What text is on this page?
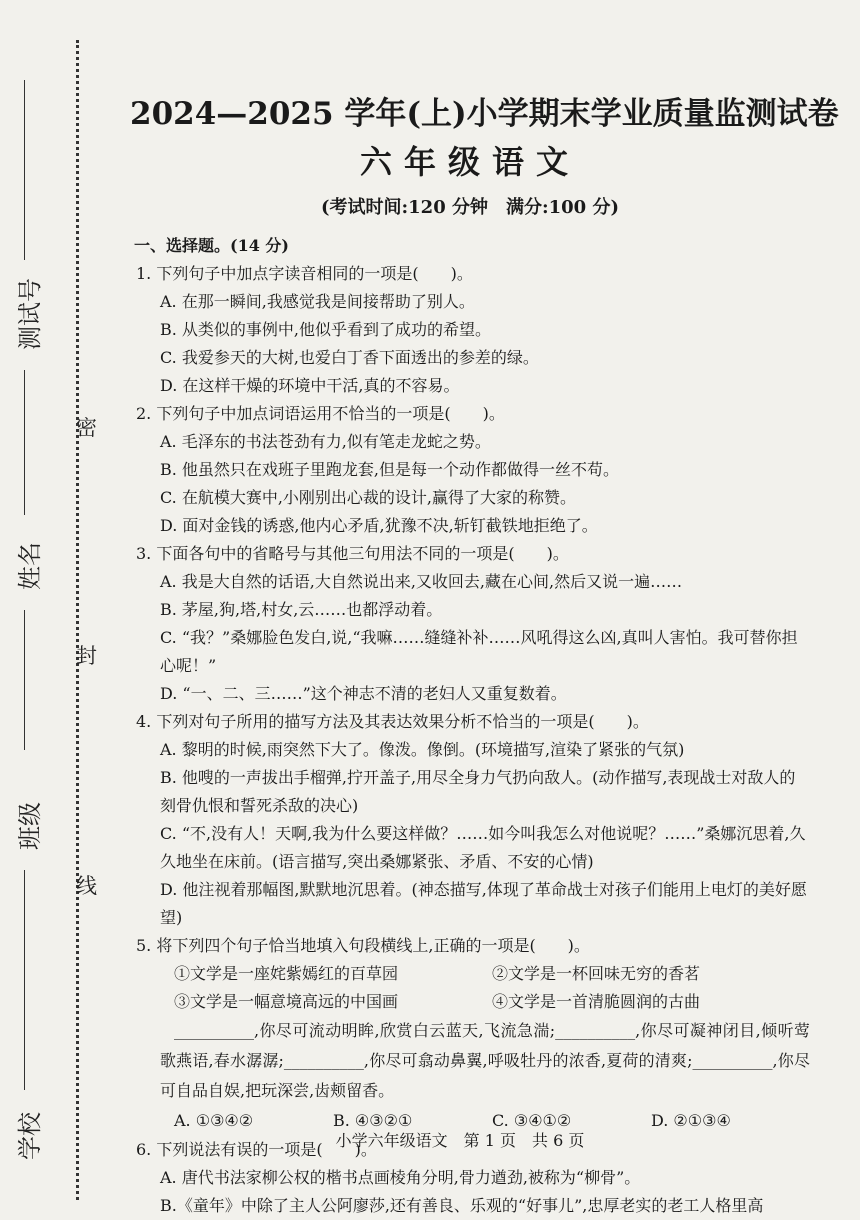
测试号
姓名
班级
学校
密
封
线
2024—2025 学年(上)小学期末学业质量监测试卷
六年级语文
(考试时间:120 分钟　满分:100 分)
一、选择题。(14 分)
1. 下列句子中加点字读音相同的一项是(　　)。
A. 在那一瞬间,我感觉我是间接帮助了别人。
B. 从类似的事例中,他似乎看到了成功的希望。
C. 我爱参天的大树,也爱白丁香下面透出的参差的绿。
D. 在这样干燥的环境中干活,真的不容易。
2. 下列句子中加点词语运用不恰当的一项是(　　)。
A. 毛泽东的书法苍劲有力,似有笔走龙蛇之势。
B. 他虽然只在戏班子里跑龙套,但是每一个动作都做得一丝不苟。
C. 在航模大赛中,小刚别出心裁的设计,赢得了大家的称赞。
D. 面对金钱的诱惑,他内心矛盾,犹豫不决,斩钉截铁地拒绝了。
3. 下面各句中的省略号与其他三句用法不同的一项是(　　)。
A. 我是大自然的话语,大自然说出来,又收回去,藏在心间,然后又说一遍……
B. 茅屋,狗,塔,村女,云……也都浮动着。
C. “我？”桑娜脸色发白,说,“我嘛……缝缝补补……风吼得这么凶,真叫人害怕。我可替你担心呢！”
D. “一、二、三……”这个神志不清的老妇人又重复数着。
4. 下列对句子所用的描写方法及其表达效果分析不恰当的一项是(　　)。
A. 黎明的时候,雨突然下大了。像泼。像倒。(环境描写,渲染了紧张的气氛)
B. 他嗖的一声拔出手榴弹,拧开盖子,用尽全身力气扔向敌人。(动作描写,表现战士对敌人的刻骨仇恨和誓死杀敌的决心)
C. “不,没有人！天啊,我为什么要这样做？……如今叫我怎么对他说呢？……”桑娜沉思着,久久地坐在床前。(语言描写,突出桑娜紧张、矛盾、不安的心情)
D. 他注视着那幅图,默默地沉思着。(神态描写,体现了革命战士对孩子们能用上电灯的美好愿望)
5. 将下列四个句子恰当地填入句段横线上,正确的一项是(　　)。
①文学是一座姹紫嫣红的百草园	②文学是一杯回味无穷的香茗
③文学是一幅意境高远的中国画	④文学是一首清脆圆润的古曲
__________,你尽可流动明眸,欣赏白云蓝天,飞流急湍;__________,你尽可凝神闭目,倾听莺歌燕语,春水潺潺;__________,你尽可翕动鼻翼,呼吸牡丹的浓香,夏荷的清爽;__________,你尽可自品自娱,把玩深尝,齿颊留香。
A. ①③④②	B. ④③②①	C. ③④①②	D. ②①③④
6. 下列说法有误的一项是(　　)。
A. 唐代书法家柳公权的楷书点画棱角分明,骨力遒劲,被称为“柳骨”。
B.《童年》中除了主人公阿廖莎,还有善良、乐观的“好事儿”,忠厚老实的老工人格里高
小学六年级语文　第 1 页　共 6 页
